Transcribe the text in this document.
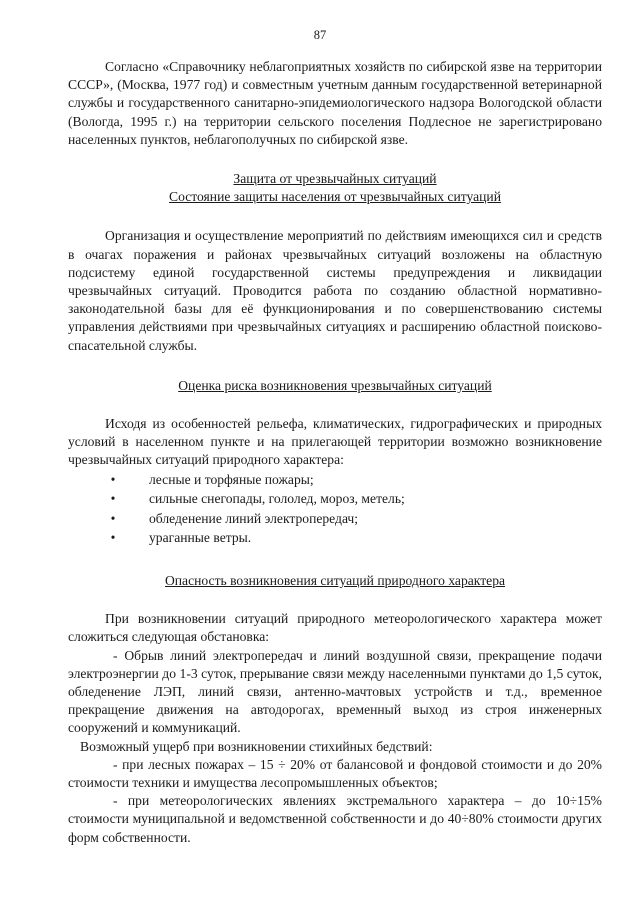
87

Согласно «Справочнику неблагоприятных хозяйств по сибирской язве на территории СССР», (Москва, 1977 год) и совместным учетным данным государственной ветеринарной службы и государственного санитарно-эпидемиологического надзора Вологодской области (Вологда, 1995 г.) на территории сельского поселения Подлесное не зарегистрировано населенных пунктов, неблагополучных по сибирской язве.

Защита от чрезвычайных ситуаций

Состояние защиты населения от чрезвычайных ситуаций

Организация и осуществление мероприятий по действиям имеющихся сил и средств в очагах поражения и районах чрезвычайных ситуаций возложены на областную подсистему единой государственной системы предупреждения и ликвидации чрезвычайных ситуаций. Проводится работа по созданию областной нормативно-законодательной базы для её функционирования и по совершенствованию системы управления действиями при чрезвычайных ситуациях и расширению областной поисково-спасательной службы.

Оценка риска возникновения чрезвычайных ситуаций

Исходя из особенностей рельефа, климатических, гидрографических и природных условий в населенном пункте и на прилегающей территории возможно возникновение чрезвычайных ситуаций природного характера:

• лесные и торфяные пожары;
• сильные снегопады, гололед, мороз, метель;
• обледенение линий электропередач;
• ураганные ветры.

Опасность возникновения ситуаций природного характера

При возникновении ситуаций природного метеорологического характера может сложиться следующая обстановка:

- Обрыв линий электропередач и линий воздушной связи, прекращение подачи электроэнергии до 1-3 суток, прерывание связи между населенными пунктами до 1,5 суток, обледенение ЛЭП, линий связи, антенно-мачтовых устройств и т.д., временное прекращение движения на автодорогах, временный выход из строя инженерных сооружений и коммуникаций.

Возможный ущерб при возникновении стихийных бедствий:

- при лесных пожарах – 15 ÷ 20% от балансовой и фондовой стоимости и до 20% стоимости техники и имущества лесопромышленных объектов;

- при метеорологических явлениях экстремального характера – до 10÷15% стоимости муниципальной и ведомственной собственности и до 40÷80% стоимости других форм собственности.
